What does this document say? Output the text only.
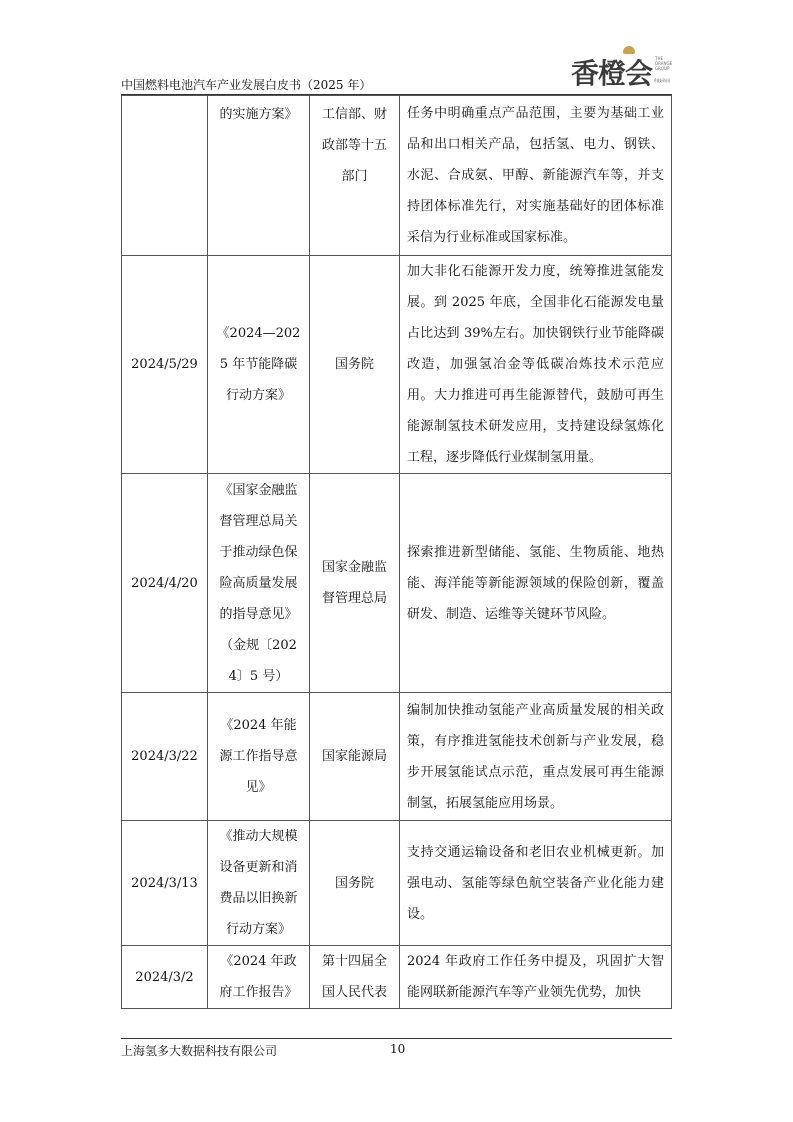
中国燃料电池汽车产业发展白皮书（2025 年）	香橙会 THE ORANGE GROUP
科技资讯

	的实施方案》	工信部、财政部等十五部门	任务中明确重点产品范围，主要为基础工业品和出口相关产品，包括氢、电力、钢铁、水泥、合成氨、甲醇、新能源汽车等，并支持团体标准先行，对实施基础好的团体标准采信为行业标准或国家标准。

2024/5/29	《2024—2025 年节能降碳行动方案》	国务院	加大非化石能源开发力度，统筹推进氢能发展。到 2025 年底，全国非化石能源发电量占比达到 39%左右。加快钢铁行业节能降碳改造，加强氢冶金等低碳冶炼技术示范应用。大力推进可再生能源替代，鼓励可再生能源制氢技术研发应用，支持建设绿氢炼化工程，逐步降低行业煤制氢用量。

2024/4/20	《国家金融监督管理总局关于推动绿色保险高质量发展的指导意见》（金规〔2024〕5 号）	国家金融监督管理总局	探索推进新型储能、氢能、生物质能、地热能、海洋能等新能源领域的保险创新，覆盖研发、制造、运维等关键环节风险。

2024/3/22	《2024 年能源工作指导意见》	国家能源局	编制加快推动氢能产业高质量发展的相关政策，有序推进氢能技术创新与产业发展，稳步开展氢能试点示范，重点发展可再生能源制氢，拓展氢能应用场景。

2024/3/13	《推动大规模设备更新和消费品以旧换新行动方案》	国务院	支持交通运输设备和老旧农业机械更新。加强电动、氢能等绿色航空装备产业化能力建设。

2024/3/2	《2024 年政府工作报告》	第十四届全国人民代表	2024 年政府工作任务中提及，巩固扩大智能网联新能源汽车等产业领先优势，加快
上海氢多大数据科技有限公司	10
